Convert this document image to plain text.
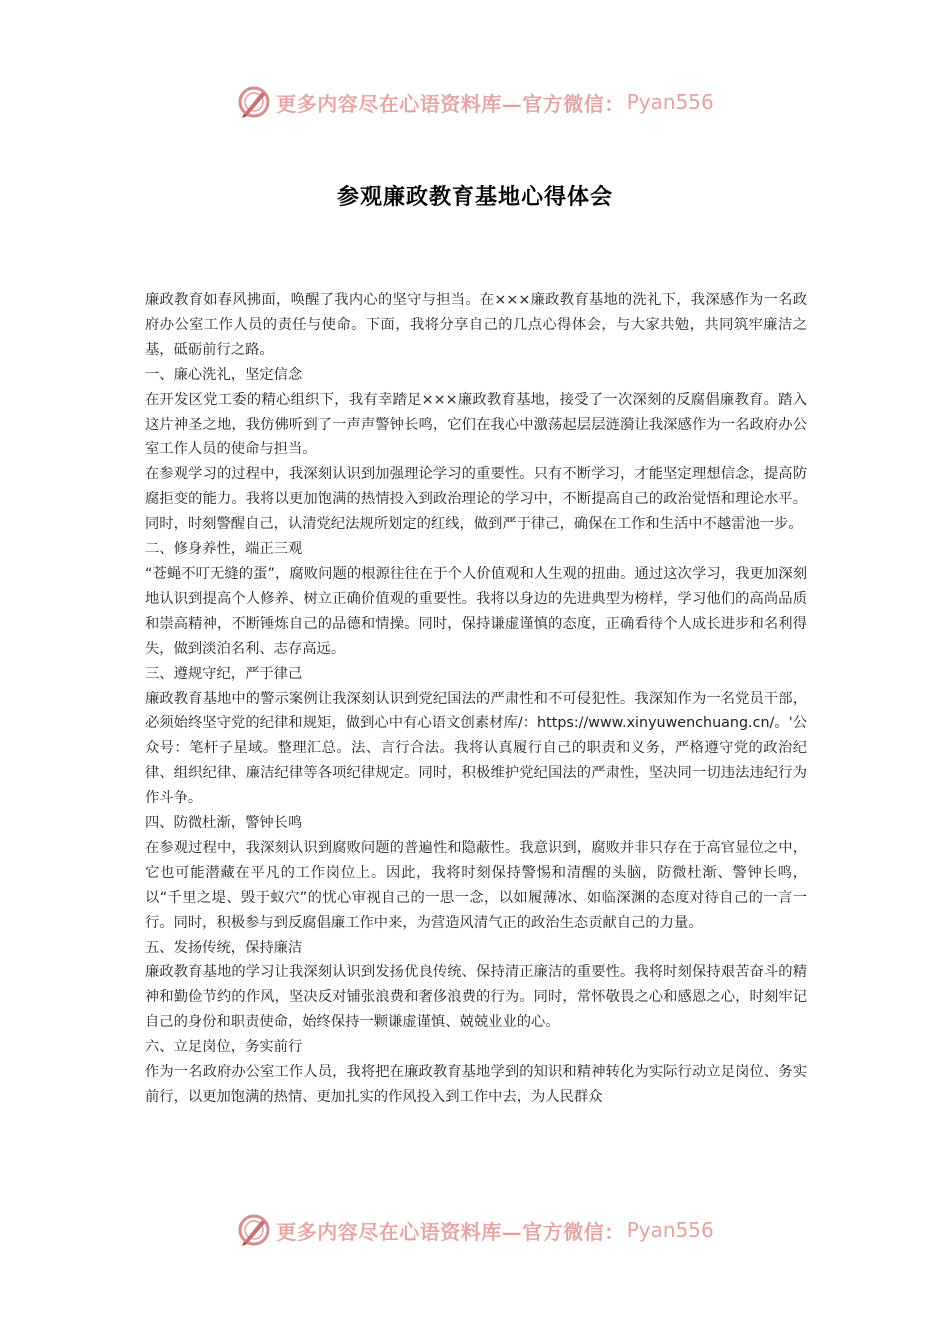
更多内容尽在心语资料库—官方微信： Pyan556
参观廉政教育基地心得体会

廉政教育如春风拂面，唤醒了我内心的坚守与担当。在×××廉政教育基地的洗礼下，我深感作为一名政府办公室工作人员的责任与使命。下面，我将分享自己的几点心得体会，与大家共勉，共同筑牢廉洁之基，砥砺前行之路。

一、廉心洗礼，坚定信念

在开发区党工委的精心组织下，我有幸踏足×××廉政教育基地，接受了一次深刻的反腐倡廉教育。踏入这片神圣之地，我仿佛听到了一声声警钟长鸣，它们在我心中激荡起层层涟漪让我深感作为一名政府办公室工作人员的使命与担当。

在参观学习的过程中，我深刻认识到加强理论学习的重要性。只有不断学习，才能坚定理想信念，提高防腐拒变的能力。我将以更加饱满的热情投入到政治理论的学习中，不断提高自己的政治觉悟和理论水平。同时，时刻警醒自己，认清党纪法规所划定的红线，做到严于律己，确保在工作和生活中不越雷池一步。

二、修身养性，端正三观

“苍蝇不叮无缝的蛋”，腐败问题的根源往往在于个人价值观和人生观的扭曲。通过这次学习，我更加深刻地认识到提高个人修养、树立正确价值观的重要性。我将以身边的先进典型为榜样，学习他们的高尚品质和崇高精神，不断锤炼自己的品德和情操。同时，保持谦虚谨慎的态度，正确看待个人成长进步和名利得失，做到淡泊名利、志存高远。

三、遵规守纪，严于律己

廉政教育基地中的警示案例让我深刻认识到党纪国法的严肃性和不可侵犯性。我深知作为一名党员干部，必须始终坚守党的纪律和规矩，做到心中有心语文创素材库/：https://www.xinyuwenchuang.cn/。'公众号：笔杆子星域。整理汇总。法、言行合法。我将认真履行自己的职责和义务，严格遵守党的政治纪律、组织纪律、廉洁纪律等各项纪律规定。同时，积极维护党纪国法的严肃性，坚决同一切违法违纪行为作斗争。

四、防微杜渐，警钟长鸣

在参观过程中，我深刻认识到腐败问题的普遍性和隐蔽性。我意识到，腐败并非只存在于高官显位之中，它也可能潜藏在平凡的工作岗位上。因此，我将时刻保持警惕和清醒的头脑，防微杜渐、警钟长鸣，以“千里之堤、毁于蚁穴”的忧心审视自己的一思一念，以如履薄冰、如临深渊的态度对待自己的一言一行。同时，积极参与到反腐倡廉工作中来，为营造风清气正的政治生态贡献自己的力量。

五、发扬传统，保持廉洁

廉政教育基地的学习让我深刻认识到发扬优良传统、保持清正廉洁的重要性。我将时刻保持艰苦奋斗的精神和勤俭节约的作风，坚决反对铺张浪费和奢侈浪费的行为。同时，常怀敬畏之心和感恩之心，时刻牢记自己的身份和职责使命，始终保持一颗谦虚谨慎、兢兢业业的心。

六、立足岗位，务实前行

作为一名政府办公室工作人员，我将把在廉政教育基地学到的知识和精神转化为实际行动立足岗位、务实前行，以更加饱满的热情、更加扎实的作风投入到工作中去，为人民群众

更多内容尽在心语资料库—官方微信： Pyan556
